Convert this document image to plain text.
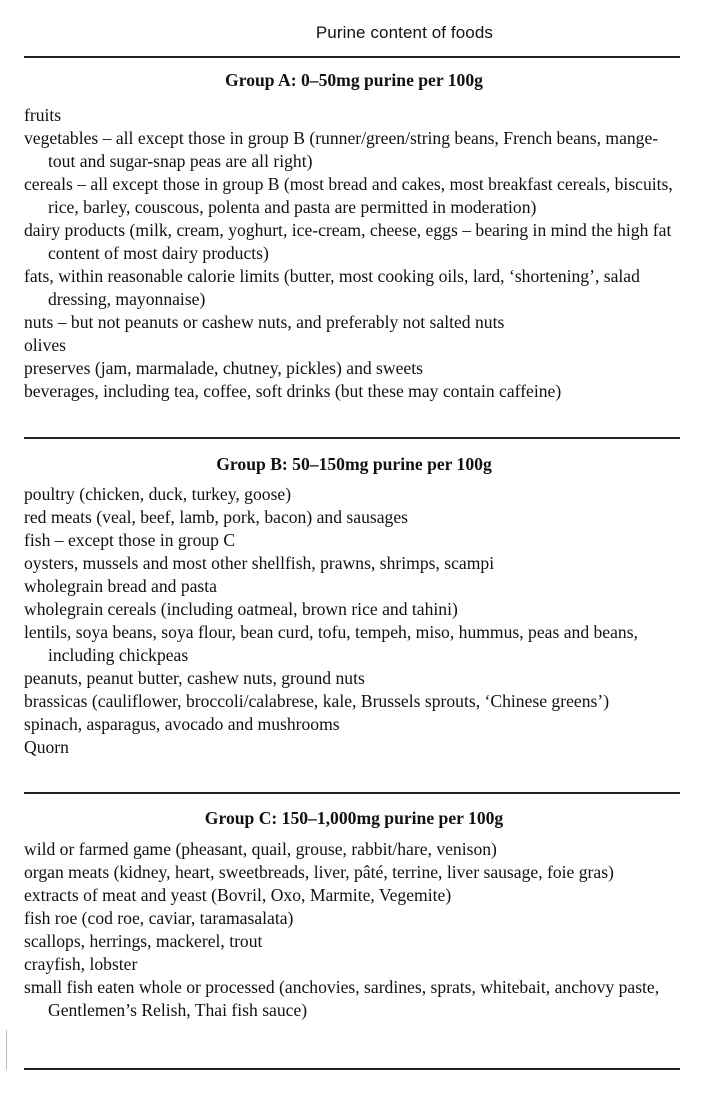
Purine content of foods
Group A: 0–50mg purine per 100g
fruits
vegetables – all except those in group B (runner/green/string beans, French beans, mange-tout and sugar-snap peas are all right)
cereals – all except those in group B (most bread and cakes, most breakfast cereals, biscuits, rice, barley, couscous, polenta and pasta are permitted in moderation)
dairy products (milk, cream, yoghurt, ice-cream, cheese, eggs – bearing in mind the high fat content of most dairy products)
fats, within reasonable calorie limits (butter, most cooking oils, lard, ‘shortening’, salad dressing, mayonnaise)
nuts – but not peanuts or cashew nuts, and preferably not salted nuts
olives
preserves (jam, marmalade, chutney, pickles) and sweets
beverages, including tea, coffee, soft drinks (but these may contain caffeine)
Group B: 50–150mg purine per 100g
poultry (chicken, duck, turkey, goose)
red meats (veal, beef, lamb, pork, bacon) and sausages
fish – except those in group C
oysters, mussels and most other shellfish, prawns, shrimps, scampi
wholegrain bread and pasta
wholegrain cereals (including oatmeal, brown rice and tahini)
lentils, soya beans, soya flour, bean curd, tofu, tempeh, miso, hummus, peas and beans, including chickpeas
peanuts, peanut butter, cashew nuts, ground nuts
brassicas (cauliflower, broccoli/calabrese, kale, Brussels sprouts, ‘Chinese greens’)
spinach, asparagus, avocado and mushrooms
Quorn
Group C: 150–1,000mg purine per 100g
wild or farmed game (pheasant, quail, grouse, rabbit/hare, venison)
organ meats (kidney, heart, sweetbreads, liver, pâté, terrine, liver sausage, foie gras)
extracts of meat and yeast (Bovril, Oxo, Marmite, Vegemite)
fish roe (cod roe, caviar, taramasalata)
scallops, herrings, mackerel, trout
crayfish, lobster
small fish eaten whole or processed (anchovies, sardines, sprats, whitebait, anchovy paste, Gentlemen’s Relish, Thai fish sauce)
